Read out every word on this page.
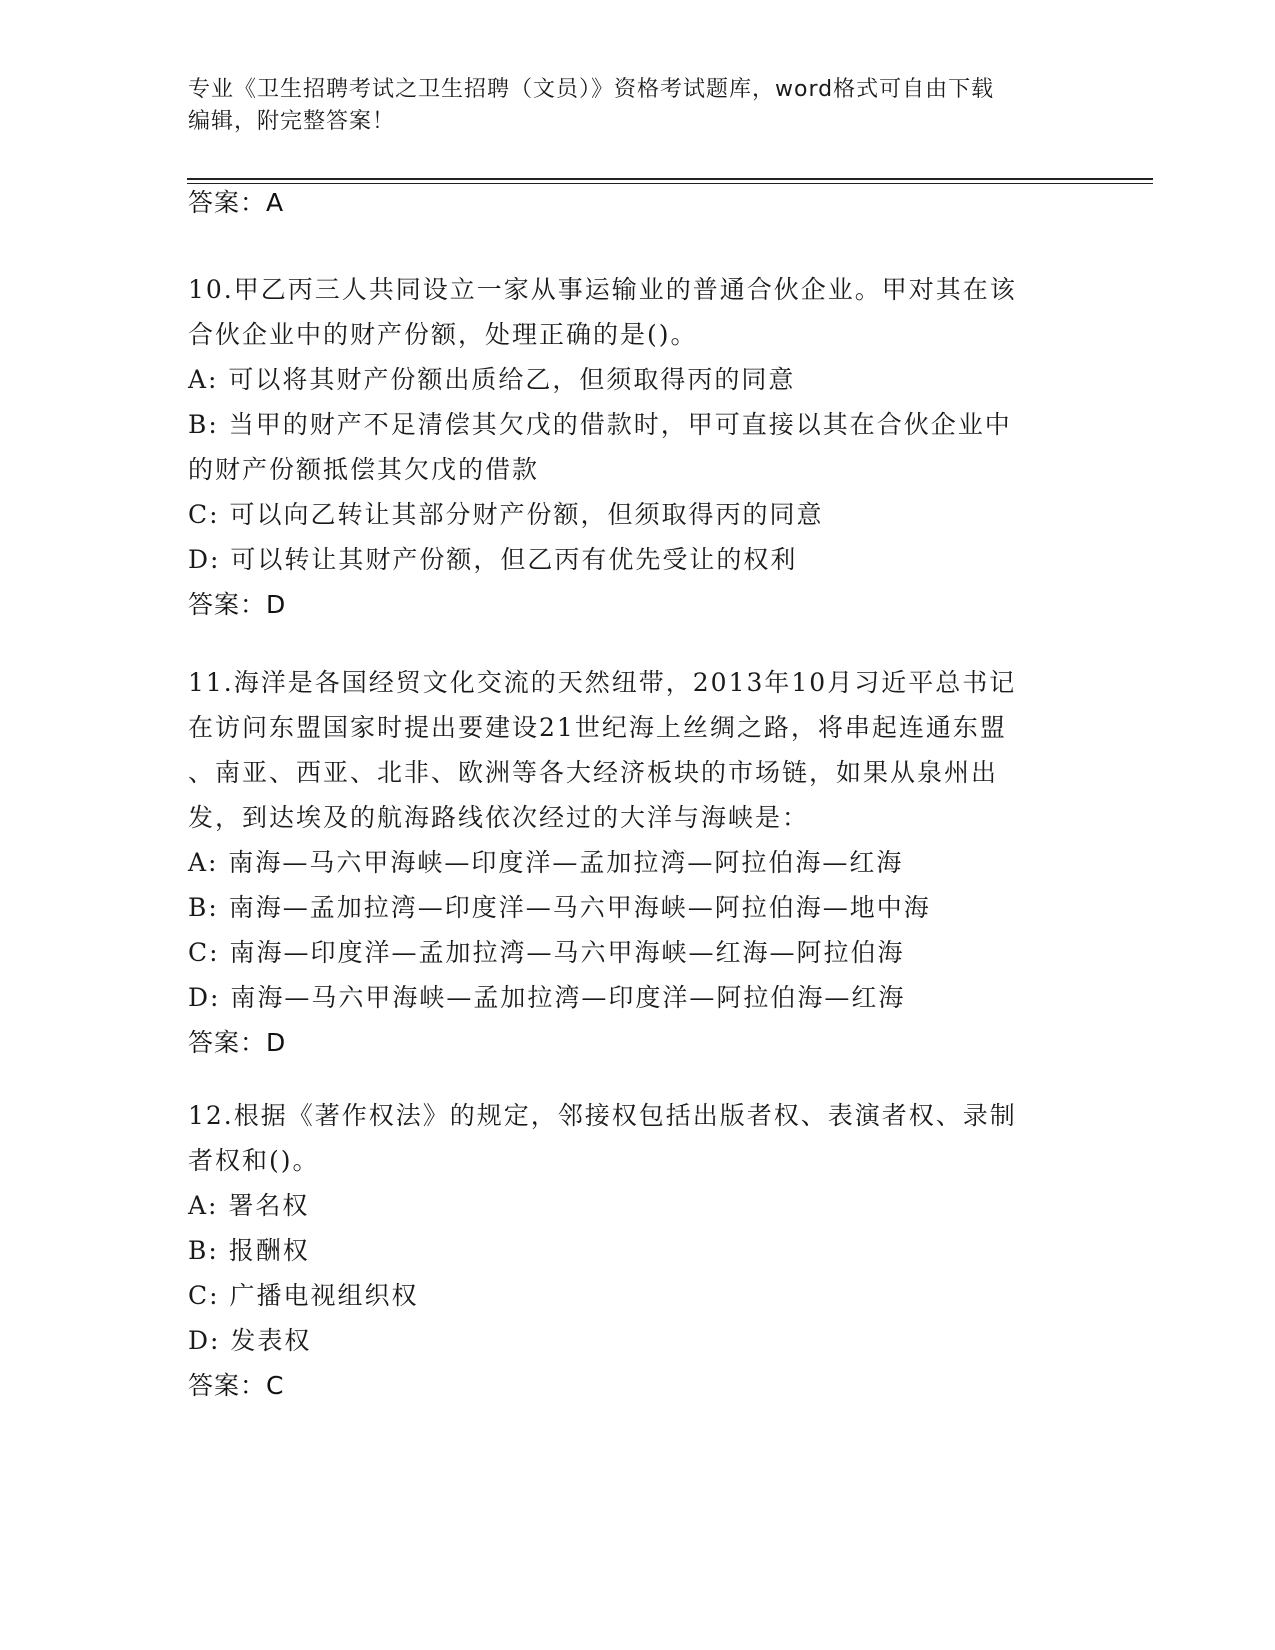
专业《卫生招聘考试之卫生招聘（文员）》资格考试题库，word格式可自由下载
编辑，附完整答案！
答案：A
10.甲乙丙三人共同设立一家从事运输业的普通合伙企业。甲对其在该
合伙企业中的财产份额，处理正确的是()。
A: 可以将其财产份额出质给乙，但须取得丙的同意
B: 当甲的财产不足清偿其欠戊的借款时，甲可直接以其在合伙企业中
的财产份额抵偿其欠戊的借款
C: 可以向乙转让其部分财产份额，但须取得丙的同意
D: 可以转让其财产份额，但乙丙有优先受让的权利
答案：D
11.海洋是各国经贸文化交流的天然纽带，2013年10月习近平总书记
在访问东盟国家时提出要建设21世纪海上丝绸之路，将串起连通东盟
、南亚、西亚、北非、欧洲等各大经济板块的市场链，如果从泉州出
发，到达埃及的航海路线依次经过的大洋与海峡是：
A: 南海—马六甲海峡—印度洋—孟加拉湾—阿拉伯海—红海
B: 南海—孟加拉湾—印度洋—马六甲海峡—阿拉伯海—地中海
C: 南海—印度洋—孟加拉湾—马六甲海峡—红海—阿拉伯海
D: 南海—马六甲海峡—孟加拉湾—印度洋—阿拉伯海—红海
答案：D
12.根据《著作权法》的规定，邻接权包括出版者权、表演者权、录制
者权和()。
A: 署名权
B: 报酬权
C: 广播电视组织权
D: 发表权
答案：C
